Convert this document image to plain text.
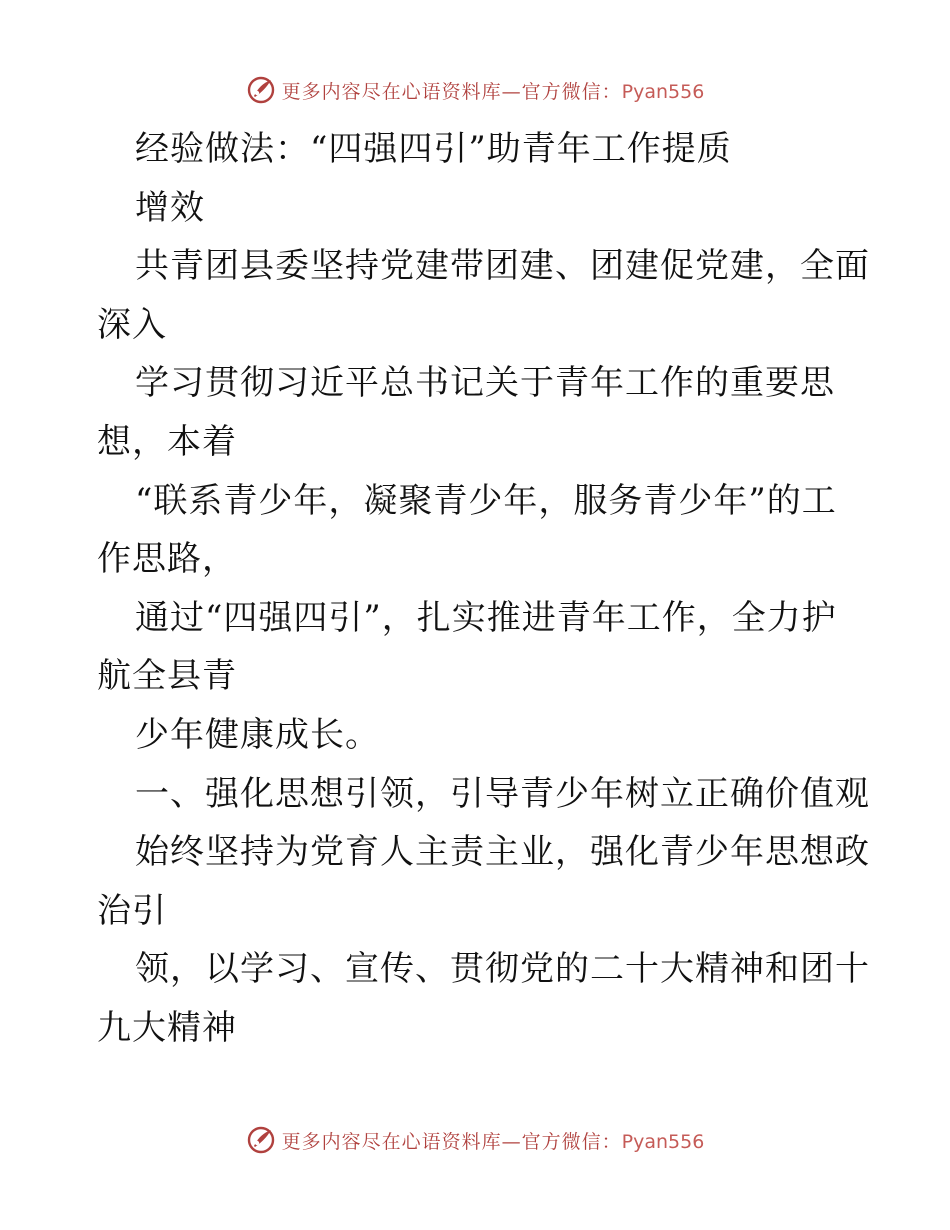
更多内容尽在心语资料库—官方微信：Pyan556
经验做法：“四强四引”助青年工作提质
增效
共青团县委坚持党建带团建、团建促党建，全面
深入
学习贯彻习近平总书记关于青年工作的重要思
想，本着
“联系青少年，凝聚青少年，服务青少年”的工
作思路，
通过“四强四引”，扎实推进青年工作，全力护
航全县青
少年健康成长。
一、强化思想引领，引导青少年树立正确价值观
始终坚持为党育人主责主业，强化青少年思想政
治引
领，以学习、宣传、贯彻党的二十大精神和团十
九大精神
更多内容尽在心语资料库—官方微信：Pyan556
